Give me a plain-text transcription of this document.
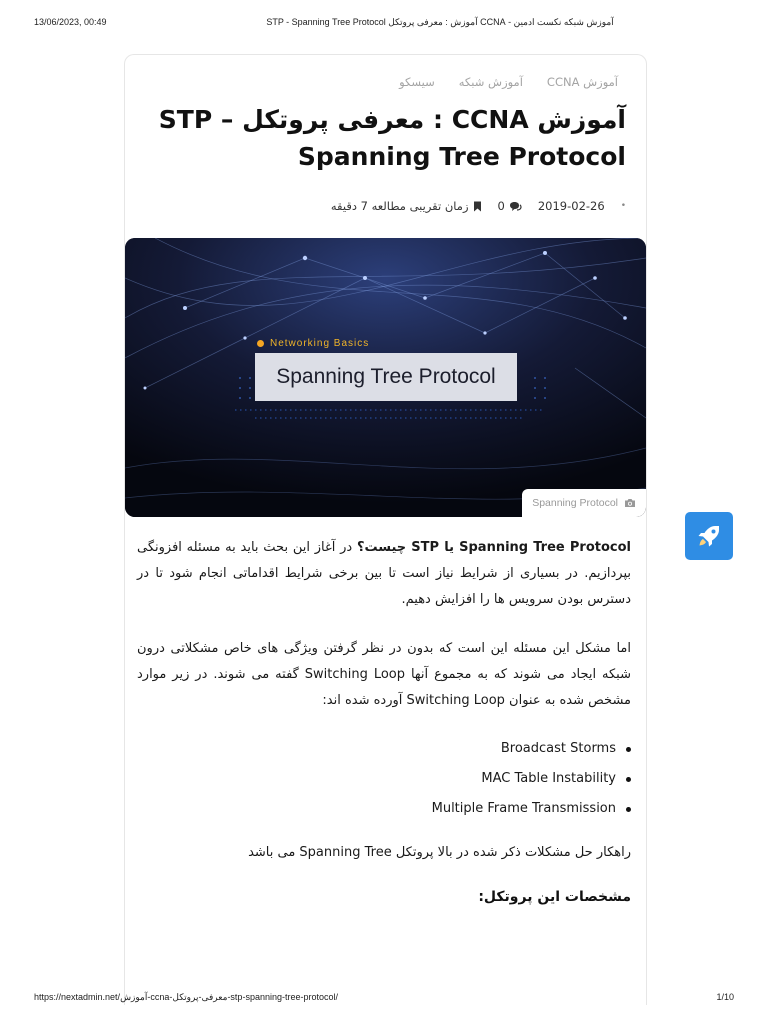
13/06/2023, 00:49	آموزش شبکه نکست ادمین - CCNA آموزش : معرفی پروتکل STP - Spanning Tree Protocol
آموزش CCNA
آموزش شبکه
سیسکو
آموزش CCNA : معرفی پروتکل STP – Spanning Tree Protocol
•
2019-02-26
0
زمان تقریبی مطالعه 7 دقیقه
Networking Basics
Spanning Tree Protocol
Spanning Protocol

Spanning Tree Protocol یا STP چیست؟ در آغاز این بحث باید به مسئله افزونگی بپردازیم. در بسیاری از شرایط نیاز است تا بین برخی شرایط اقداماتی انجام شود تا در دسترس بودن سرویس ها را افزایش دهیم.

اما مشکل این مسئله این است که بدون در نظر گرفتن ویژگی های خاص مشکلاتی درون شبکه ایجاد می شوند که به مجموع آنها Switching Loop گفته می شوند. در زیر موارد مشخص شده به عنوان Switching Loop آورده شده اند:

Broadcast Storms
MAC Table Instability
Multiple Frame Transmission

راهکار حل مشکلات ذکر شده در بالا پروتکل Spanning Tree می باشد

مشخصات این پروتکل:
https://nextadmin.net/آموزش-ccna-معرفی-پروتکل-stp-spanning-tree-protocol/	1/10
